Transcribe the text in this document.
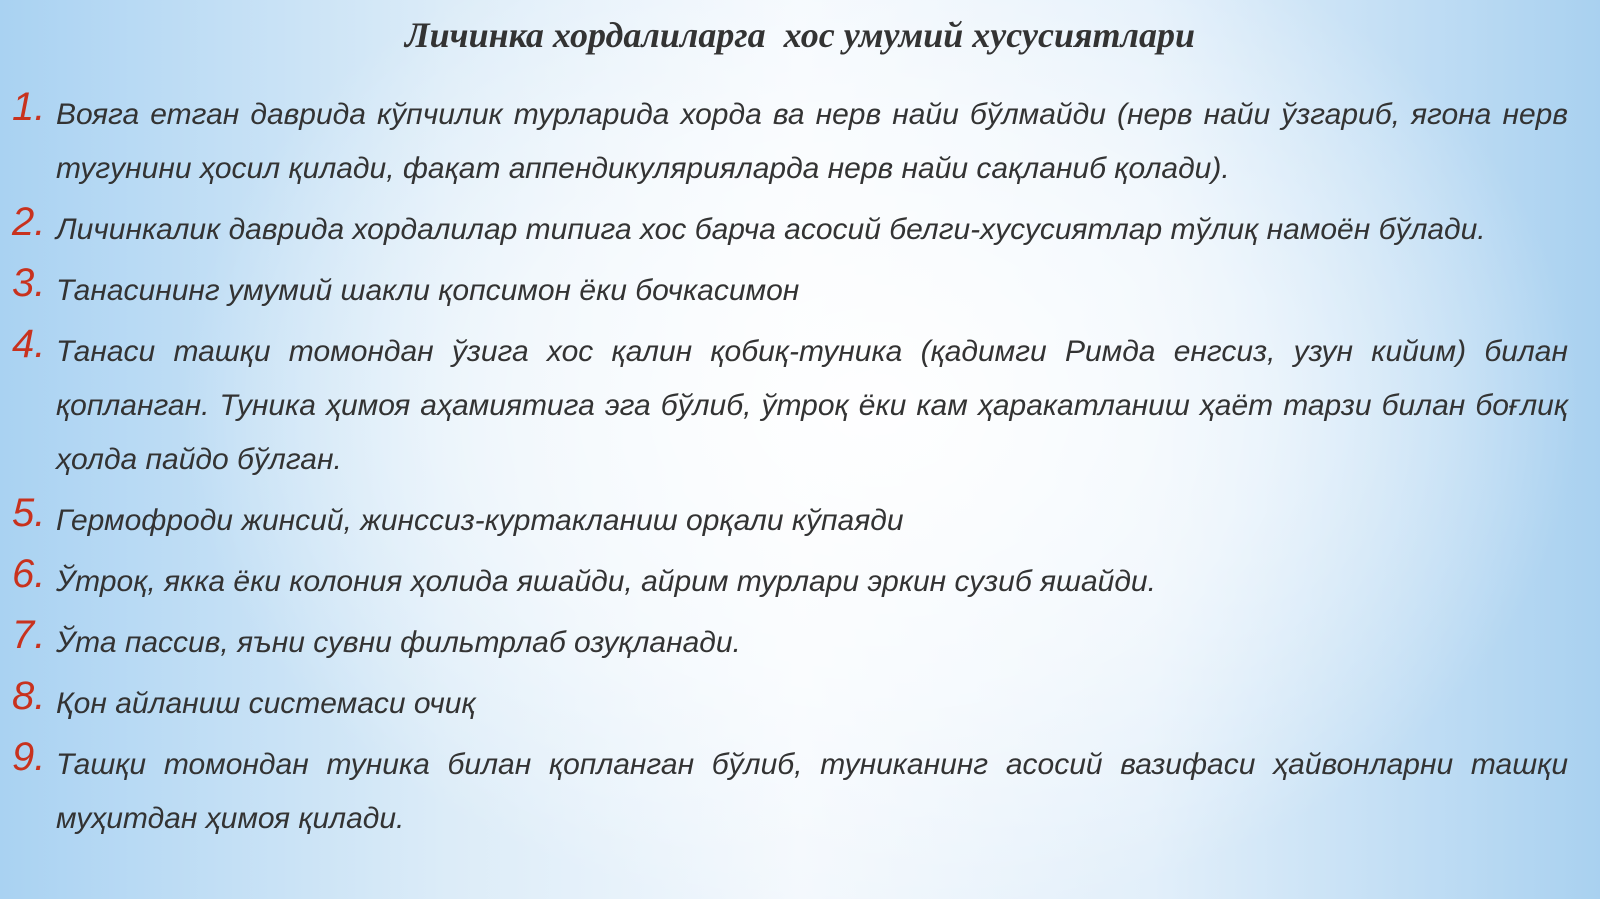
Личинка хордалиларга  хос умумий хусусиятлари
1. Вояга етган даврида кўпчилик турларида хорда ва нерв найи бўлмайди (нерв найи ўзгариб, ягона нерв тугунини ҳосил қилади, фақат аппендикулярияларда нерв найи сақланиб қолади).
2. Личинкалик даврида хордалилар типига хос барча асосий белги-хусусиятлар тўлиқ намоён бўлади.
3. Танасининг умумий шакли қопсимон ёки бочкасимон
4. Танаси ташқи томондан ўзига хос қалин қобиқ-туника (қадимги Римда енгсиз, узун кийим) билан қопланган. Туника ҳимоя аҳамиятига эга бўлиб, ўтроқ ёки кам ҳаракатланиш ҳаёт тарзи билан боғлиқ ҳолда пайдо бўлган.
5. Гермофроди жинсий, жинссиз-куртакланиш орқали кўпаяди
6. Ўтроқ, якка ёки колония ҳолида яшайди, айрим турлари эркин сузиб яшайди.
7. Ўта пассив, яъни сувни фильтрлаб озуқланади.
8. Қон айланиш системаси очиқ
9. Ташқи томондан туника билан қопланган бўлиб, туниканинг асосий вазифаси ҳайвонларни ташқи муҳитдан ҳимоя қилади.
